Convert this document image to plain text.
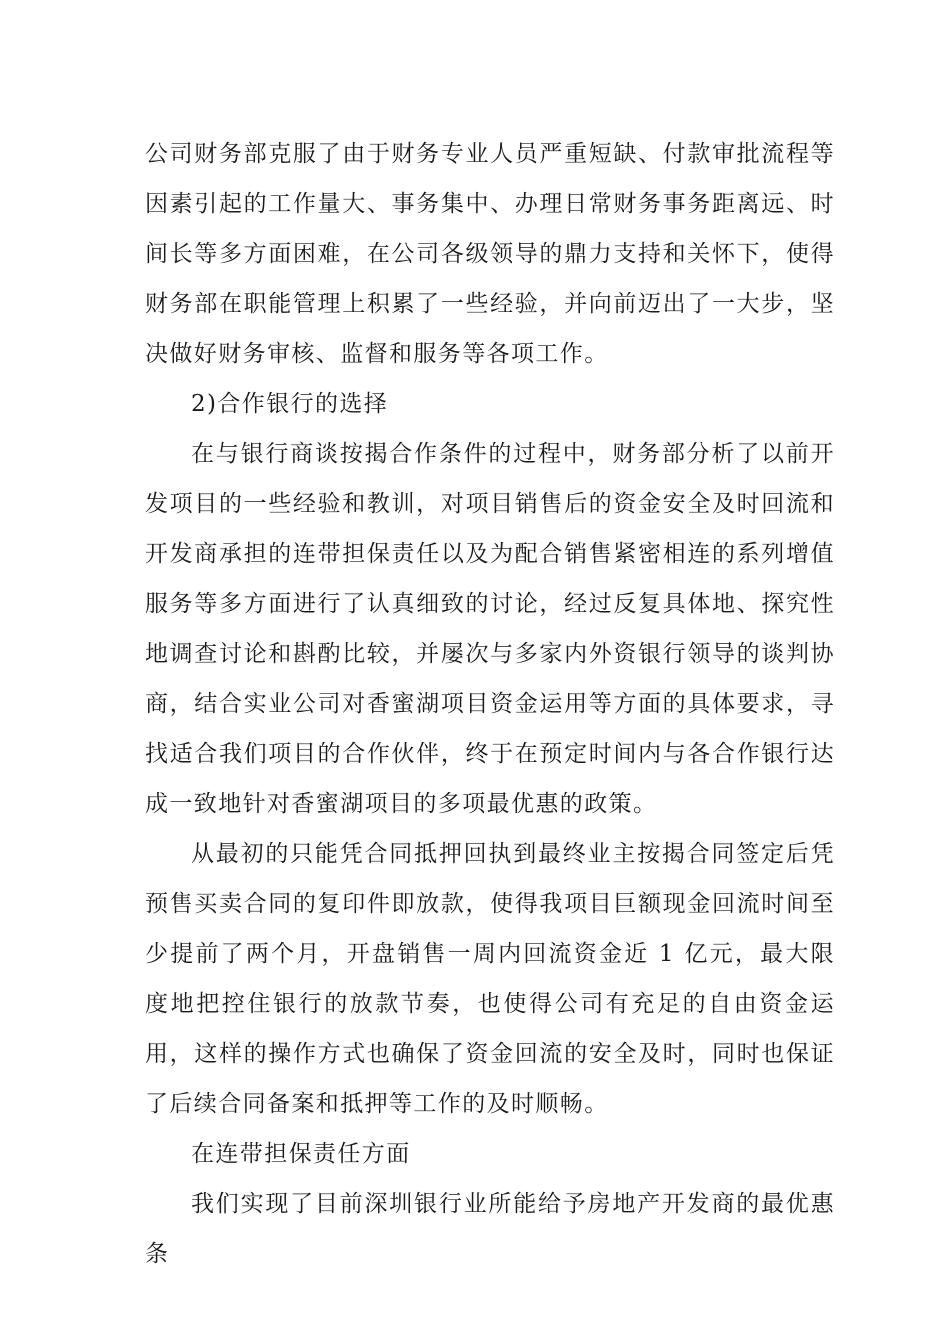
公司财务部克服了由于财务专业人员严重短缺、付款审批流程等因素引起的工作量大、事务集中、办理日常财务事务距离远、时间长等多方面困难，在公司各级领导的鼎力支持和关怀下，使得财务部在职能管理上积累了一些经验，并向前迈出了一大步，坚决做好财务审核、监督和服务等各项工作。

2)合作银行的选择

在与银行商谈按揭合作条件的过程中，财务部分析了以前开发项目的一些经验和教训，对项目销售后的资金安全及时回流和开发商承担的连带担保责任以及为配合销售紧密相连的系列增值服务等多方面进行了认真细致的讨论，经过反复具体地、探究性地调查讨论和斟酌比较，并屡次与多家内外资银行领导的谈判协商，结合实业公司对香蜜湖项目资金运用等方面的具体要求，寻找适合我们项目的合作伙伴，终于在预定时间内与各合作银行达成一致地针对香蜜湖项目的多项最优惠的政策。

从最初的只能凭合同抵押回执到最终业主按揭合同签定后凭预售买卖合同的复印件即放款，使得我项目巨额现金回流时间至少提前了两个月，开盘销售一周内回流资金近 1 亿元，最大限度地把控住银行的放款节奏，也使得公司有充足的自由资金运用，这样的操作方式也确保了资金回流的安全及时，同时也保证了后续合同备案和抵押等工作的及时顺畅。

在连带担保责任方面

我们实现了目前深圳银行业所能给予房地产开发商的最优惠条
